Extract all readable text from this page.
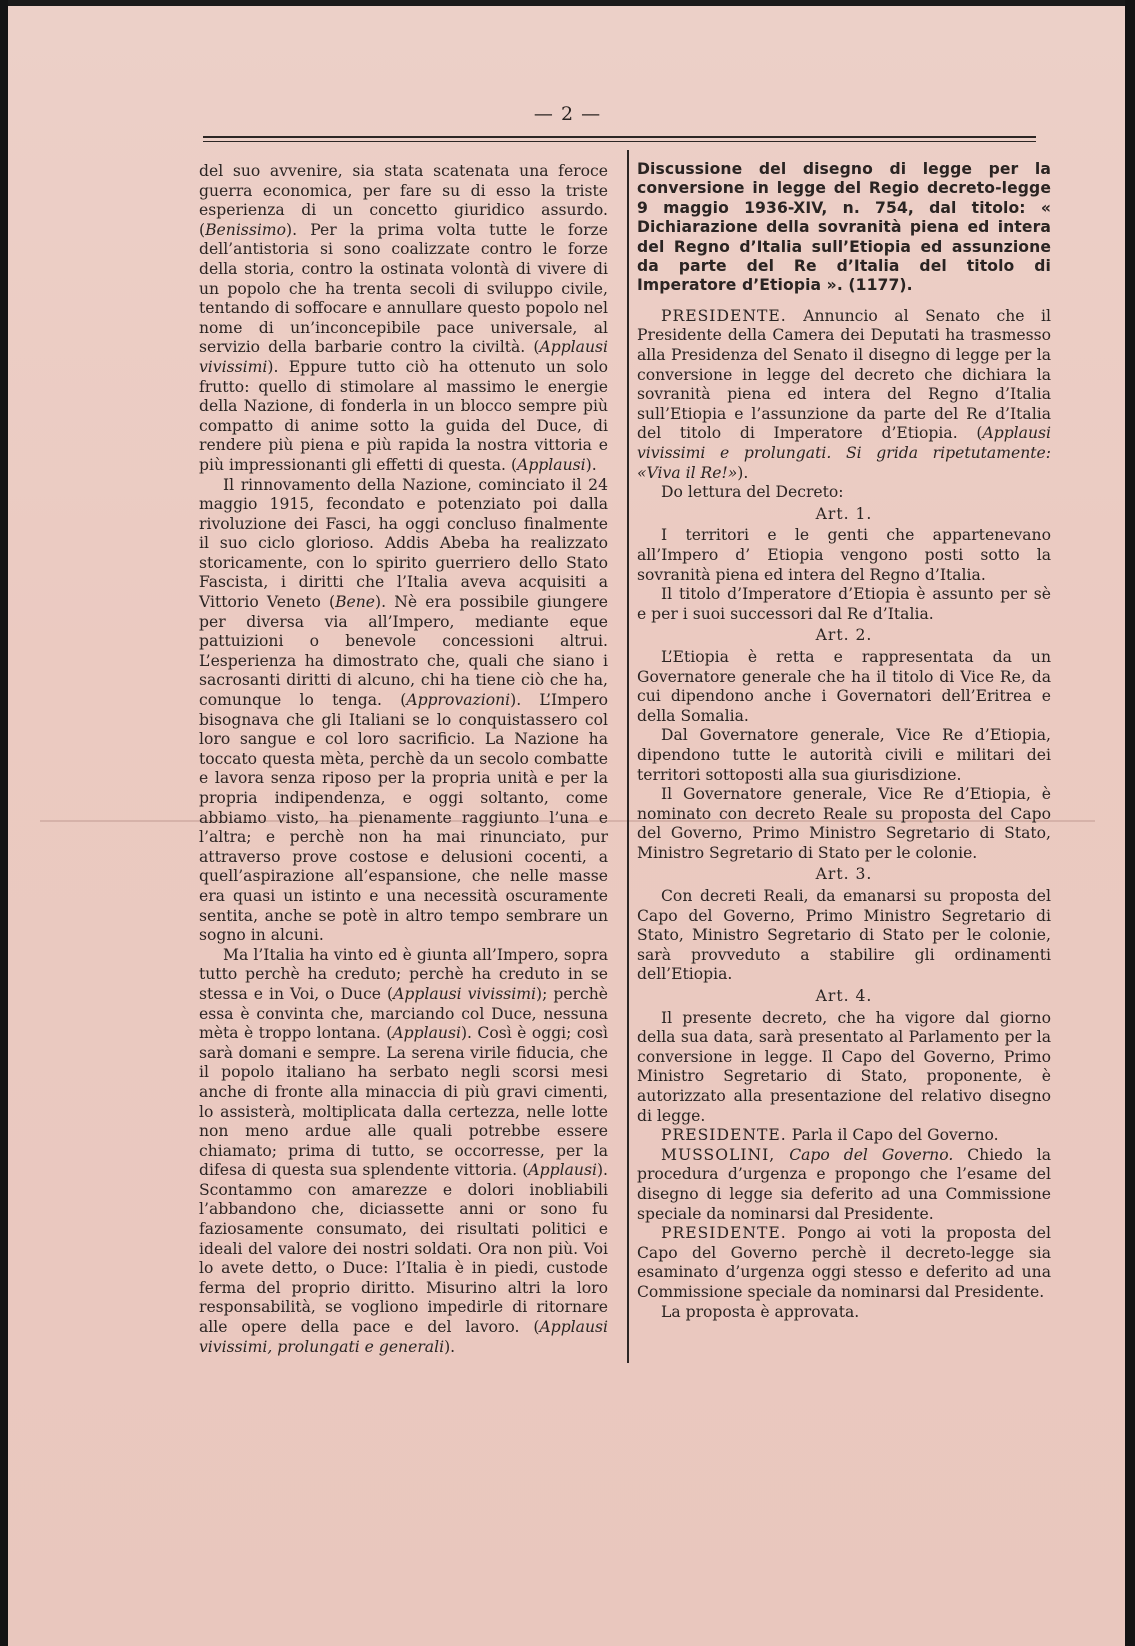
— 2 —

del suo avvenire, sia stata scatenata una feroce guerra economica, per fare su di esso la triste esperienza di un concetto giuridico assurdo. (Benissimo). Per la prima volta tutte le forze dell’antistoria si sono coalizzate contro le forze della storia, contro la ostinata volontà di vivere di un popolo che ha trenta secoli di sviluppo civile, tentando di soffocare e annullare questo popolo nel nome di un’inconcepibile pace universale, al servizio della barbarie contro la civiltà. (Applausi vivissimi). Eppure tutto ciò ha ottenuto un solo frutto: quello di stimolare al massimo le energie della Nazione, di fonderla in un blocco sempre più compatto di anime sotto la guida del Duce, di rendere più piena e più rapida la nostra vittoria e più impressionanti gli effetti di questa. (Applausi).

Il rinnovamento della Nazione, cominciato il 24 maggio 1915, fecondato e potenziato poi dalla rivoluzione dei Fasci, ha oggi concluso finalmente il suo ciclo glorioso. Addis Abeba ha realizzato storicamente, con lo spirito guerriero dello Stato Fascista, i diritti che l’Italia aveva acquisiti a Vittorio Veneto (Bene). Nè era possibile giungere per diversa via all’Impero, mediante eque pattuizioni o benevole concessioni altrui. L’esperienza ha dimostrato che, quali che siano i sacrosanti diritti di alcuno, chi ha tiene ciò che ha, comunque lo tenga. (Approvazioni). L’Impero bisognava che gli Italiani se lo conquistassero col loro sangue e col loro sacrificio. La Nazione ha toccato questa mèta, perchè da un secolo combatte e lavora senza riposo per la propria unità e per la propria indipendenza, e oggi soltanto, come abbiamo visto, ha pienamente raggiunto l’una e l’altra; e perchè non ha mai rinunciato, pur attraverso prove costose e delusioni cocenti, a quell’aspirazione all’espansione, che nelle masse era quasi un istinto e una necessità oscuramente sentita, anche se potè in altro tempo sembrare un sogno in alcuni.

Ma l’Italia ha vinto ed è giunta all’Impero, sopra tutto perchè ha creduto; perchè ha creduto in se stessa e in Voi, o Duce (Applausi vivissimi); perchè essa è convinta che, marciando col Duce, nessuna mèta è troppo lontana. (Applausi). Così è oggi; così sarà domani e sempre. La serena virile fiducia, che il popolo italiano ha serbato negli scorsi mesi anche di fronte alla minaccia di più gravi cimenti, lo assisterà, moltiplicata dalla certezza, nelle lotte non meno ardue alle quali potrebbe essere chiamato; prima di tutto, se occorresse, per la difesa di questa sua splendente vittoria. (Applausi). Scontammo con amarezze e dolori inobliabili l’abbandono che, diciassette anni or sono fu faziosamente consumato, dei risultati politici e ideali del valore dei nostri soldati. Ora non più. Voi lo avete detto, o Duce: l’Italia è in piedi, custode ferma del proprio diritto. Misurino altri la loro responsabilità, se vogliono impedirle di ritornare alle opere della pace e del lavoro. (Applausi vivissimi, prolungati e generali).

Discussione del disegno di legge per la conversione in legge del Regio decreto-legge 9 maggio 1936-XIV, n. 754, dal titolo: « Dichiarazione della sovranità piena ed intera del Regno d’Italia sull’Etiopia ed assunzione da parte del Re d’Italia del titolo di Imperatore d’Etiopia ». (1177).

PRESIDENTE. Annuncio al Senato che il Presidente della Camera dei Deputati ha trasmesso alla Presidenza del Senato il disegno di legge per la conversione in legge del decreto che dichiara la sovranità piena ed intera del Regno d’Italia sull’Etiopia e l’assunzione da parte del Re d’Italia del titolo di Imperatore d’Etiopia. (Applausi vivissimi e prolungati. Si grida ripetutamente: «Viva il Re!»).

Do lettura del Decreto:

Art. 1.

I territori e le genti che appartenevano all’Impero d’ Etiopia vengono posti sotto la sovranità piena ed intera del Regno d’Italia.

Il titolo d’Imperatore d’Etiopia è assunto per sè e per i suoi successori dal Re d’Italia.

Art. 2.

L’Etiopia è retta e rappresentata da un Governatore generale che ha il titolo di Vice Re, da cui dipendono anche i Governatori dell’Eritrea e della Somalia.

Dal Governatore generale, Vice Re d’Etiopia, dipendono tutte le autorità civili e militari dei territori sottoposti alla sua giurisdizione.

Il Governatore generale, Vice Re d’Etiopia, è nominato con decreto Reale su proposta del Capo del Governo, Primo Ministro Segretario di Stato, Ministro Segretario di Stato per le colonie.

Art. 3.

Con decreti Reali, da emanarsi su proposta del Capo del Governo, Primo Ministro Segretario di Stato, Ministro Segretario di Stato per le colonie, sarà provveduto a stabilire gli ordinamenti dell’Etiopia.

Art. 4.

Il presente decreto, che ha vigore dal giorno della sua data, sarà presentato al Parlamento per la conversione in legge. Il Capo del Governo, Primo Ministro Segretario di Stato, proponente, è autorizzato alla presentazione del relativo disegno di legge.

PRESIDENTE. Parla il Capo del Governo.

MUSSOLINI, Capo del Governo. Chiedo la procedura d’urgenza e propongo che l’esame del disegno di legge sia deferito ad una Commissione speciale da nominarsi dal Presidente.

PRESIDENTE. Pongo ai voti la proposta del Capo del Governo perchè il decreto-legge sia esaminato d’urgenza oggi stesso e deferito ad una Commissione speciale da nominarsi dal Presidente.

La proposta è approvata.
